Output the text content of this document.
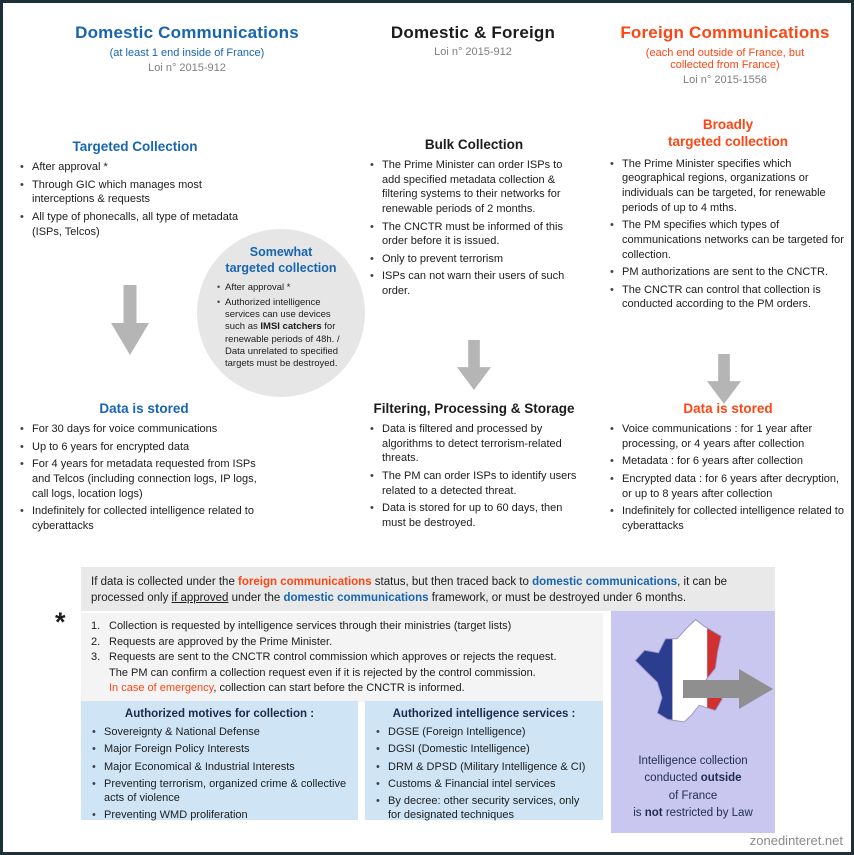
Domestic Communications
(at least 1 end inside of France)
Loi n° 2015-912
Targeted Collection
• After approval *
• Through GIC which manages most interceptions & requests
• All type of phonecalls, all type of metadata (ISPs, Telcos)
Somewhat
targeted collection
• After approval *
• Authorized intelligence services can use devices such as IMSI catchers for renewable periods of 48h. / Data unrelated to specified targets must be destroyed.
Data is stored
• For 30 days for voice communications
• Up to 6 years for encrypted data
• For 4 years for metadata requested from ISPs and Telcos (including connection logs, IP logs, call logs, location logs)
• Indefinitely for collected intelligence related to cyberattacks
Domestic & Foreign
Loi n° 2015-912
Bulk Collection
• The Prime Minister can order ISPs to add specified metadata collection & filtering systems to their networks for renewable periods of 2 months.
• The CNCTR must be informed of this order before it is issued.
• Only to prevent terrorism
• ISPs can not warn their users of such order.
Filtering, Processing & Storage
• Data is filtered and processed by algorithms to detect terrorism-related threats.
• The PM can order ISPs to identify users related to a detected threat.
• Data is stored for up to 60 days, then must be destroyed.
Foreign Communications
(each end outside of France, but
collected from France)
Loi n° 2015-1556
Broadly
targeted collection
• The Prime Minister specifies which geographical regions, organizations or individuals can be targeted, for renewable periods of up to 4 mths.
• The PM specifies which types of communications networks can be targeted for collection.
• PM authorizations are sent to the CNCTR.
• The CNCTR can control that collection is conducted according to the PM orders.
Data is stored
• Voice communications : for 1 year after processing, or 4 years after collection
• Metadata : for 6 years after collection
• Encrypted data : for 6 years after decryption, or up to 8 years after collection
• Indefinitely for collected intelligence related to cyberattacks
If data is collected under the foreign communications status, but then traced back to domestic communications, it can be processed only if approved under the domestic communications framework, or must be destroyed under 6 months.
* 1. Collection is requested by intelligence services through their ministries (target lists)
2. Requests are approved by the Prime Minister.
3. Requests are sent to the CNCTR control commission which approves or rejects the request.
The PM can confirm a collection request even if it is rejected by the control commission.
In case of emergency, collection can start before the CNCTR is informed.
Authorized motives for collection :
• Sovereignty & National Defense
• Major Foreign Policy Interests
• Major Economical & Industrial Interests
• Preventing terrorism, organized crime & collective acts of violence
• Preventing WMD proliferation
Authorized intelligence services :
• DGSE (Foreign Intelligence)
• DGSI (Domestic Intelligence)
• DRM & DPSD (Military Intelligence & CI)
• Customs & Financial intel services
• By decree: other security services, only for designated techniques
Intelligence collection
conducted outside
of France
is not restricted by Law
zonedinteret.net
